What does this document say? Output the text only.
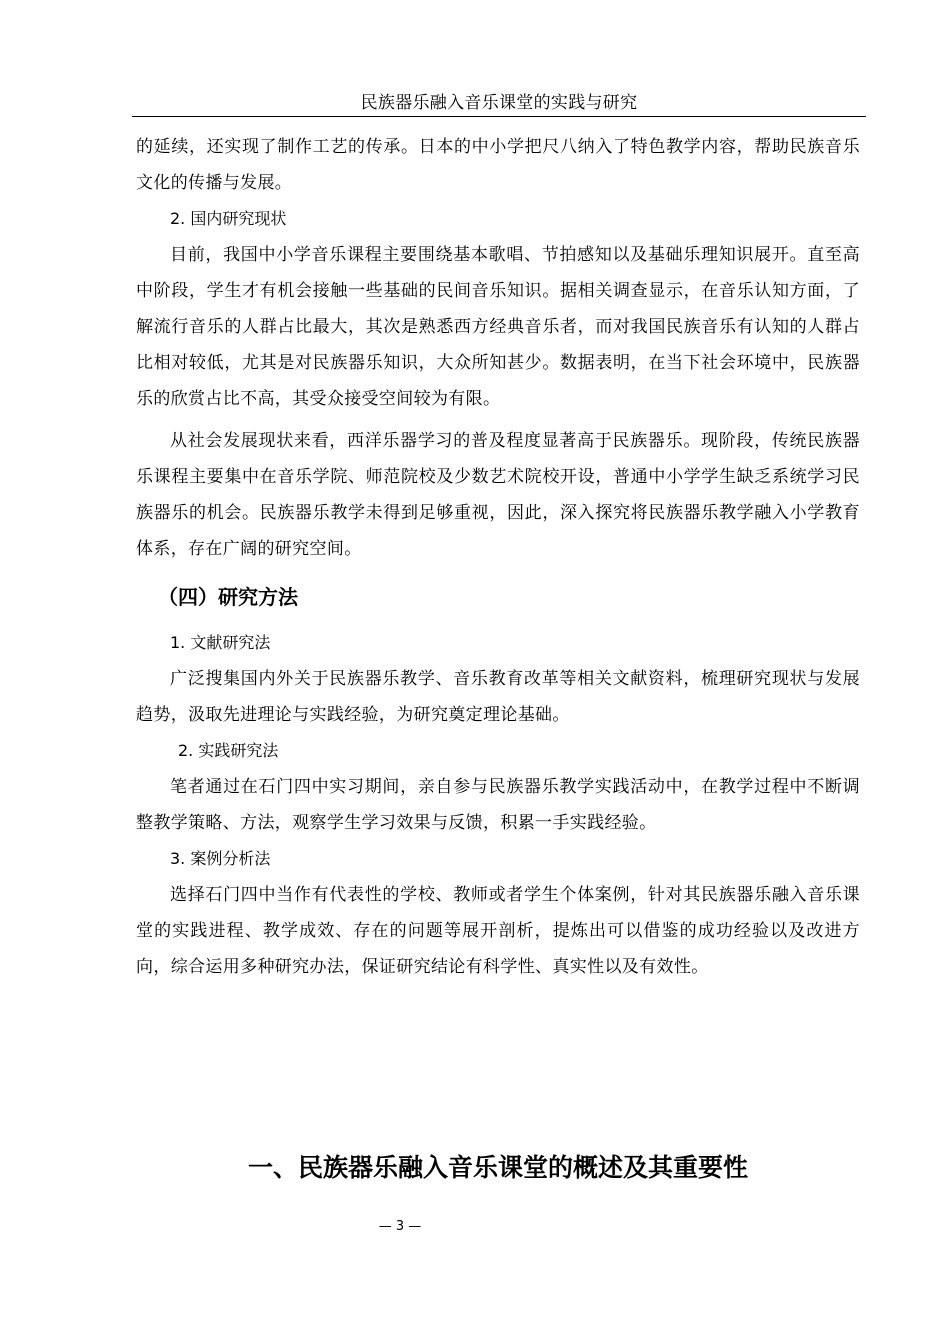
民族器乐融入音乐课堂的实践与研究

的延续，还实现了制作工艺的传承。日本的中小学把尺八纳入了特色教学内容，帮助民族音乐文化的传播与发展。

2. 国内研究现状

目前，我国中小学音乐课程主要围绕基本歌唱、节拍感知以及基础乐理知识展开。直至高中阶段，学生才有机会接触一些基础的民间音乐知识。据相关调查显示，在音乐认知方面，了解流行音乐的人群占比最大，其次是熟悉西方经典音乐者，而对我国民族音乐有认知的人群占比相对较低，尤其是对民族器乐知识，大众所知甚少。数据表明，在当下社会环境中，民族器乐的欣赏占比不高，其受众接受空间较为有限。

从社会发展现状来看，西洋乐器学习的普及程度显著高于民族器乐。现阶段，传统民族器乐课程主要集中在音乐学院、师范院校及少数艺术院校开设，普通中小学学生缺乏系统学习民族器乐的机会。民族器乐教学未得到足够重视，因此，深入探究将民族器乐教学融入小学教育体系，存在广阔的研究空间。

（四）研究方法

1. 文献研究法

广泛搜集国内外关于民族器乐教学、音乐教育改革等相关文献资料，梳理研究现状与发展趋势，汲取先进理论与实践经验，为研究奠定理论基础。

2. 实践研究法

笔者通过在石门四中实习期间，亲自参与民族器乐教学实践活动中，在教学过程中不断调整教学策略、方法，观察学生学习效果与反馈，积累一手实践经验。

3. 案例分析法

选择石门四中当作有代表性的学校、教师或者学生个体案例，针对其民族器乐融入音乐课堂的实践进程、教学成效、存在的问题等展开剖析，提炼出可以借鉴的成功经验以及改进方向，综合运用多种研究办法，保证研究结论有科学性、真实性以及有效性。

一、民族器乐融入音乐课堂的概述及其重要性
— 3 —
